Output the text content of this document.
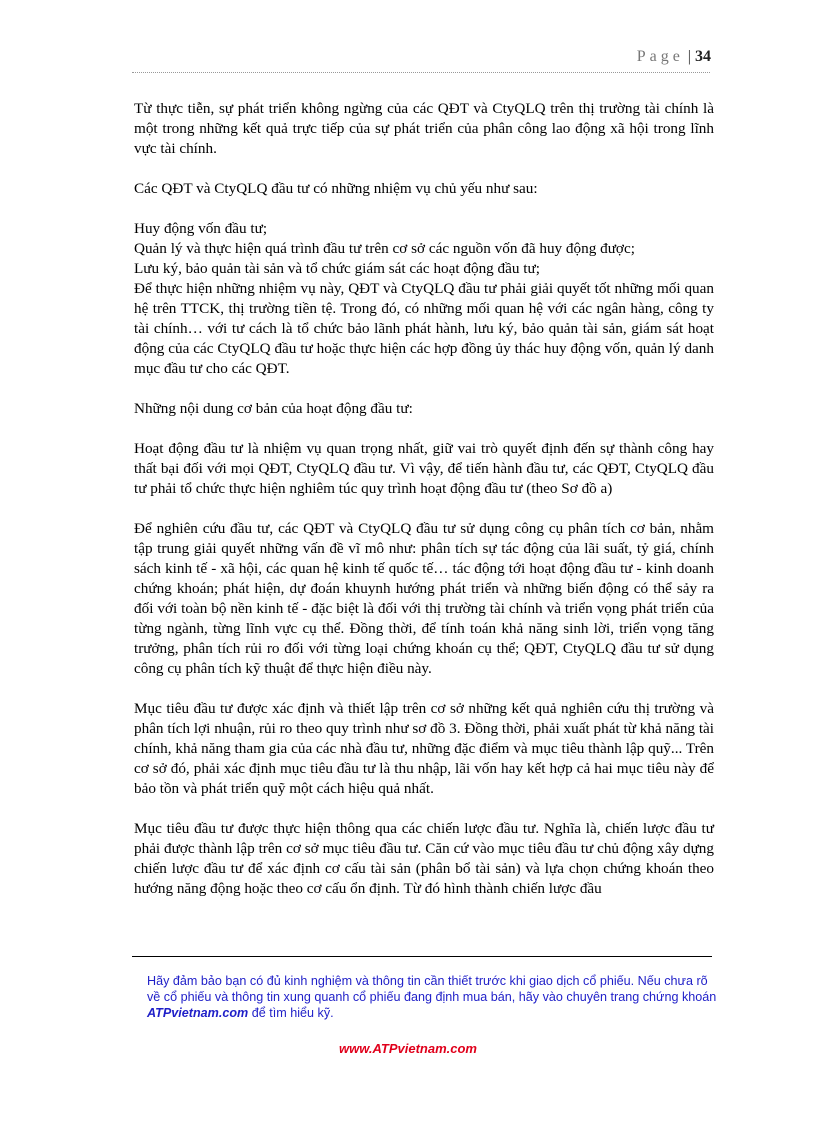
Page | 34

Từ thực tiễn, sự phát triển không ngừng của các QĐT và CtyQLQ trên thị trường tài chính là một trong những kết quả trực tiếp của sự phát triển của phân công lao động xã hội trong lĩnh vực tài chính.

Các QĐT và CtyQLQ đầu tư có những nhiệm vụ chủ yếu như sau:

Huy động vốn đầu tư;

Quản lý và thực hiện quá trình đầu tư trên cơ sở các nguồn vốn đã huy động được;

Lưu ký, bảo quản tài sản và tổ chức giám sát các hoạt động đầu tư;

Để thực hiện những nhiệm vụ này, QĐT và CtyQLQ đầu tư phải giải quyết tốt những mối quan hệ trên TTCK, thị trường tiền tệ. Trong đó, có những mối quan hệ với các ngân hàng, công ty tài chính… với tư cách là tổ chức bảo lãnh phát hành, lưu ký, bảo quản tài sản, giám sát hoạt động của các CtyQLQ đầu tư hoặc thực hiện các hợp đồng ủy thác huy động vốn, quản lý danh mục đầu tư cho các QĐT.

Những nội dung cơ bản của hoạt động đầu tư:

Hoạt động đầu tư là nhiệm vụ quan trọng nhất, giữ vai trò quyết định đến sự thành công hay thất bại đối với mọi QĐT, CtyQLQ đầu tư. Vì vậy, để tiến hành đầu tư, các QĐT, CtyQLQ đầu tư phải tổ chức thực hiện nghiêm túc quy trình hoạt động đầu tư (theo Sơ đồ a)

Để nghiên cứu đầu tư, các QĐT và CtyQLQ đầu tư sử dụng công cụ phân tích cơ bản, nhằm tập trung giải quyết những vấn đề vĩ mô như: phân tích sự tác động của lãi suất, tỷ giá, chính sách kinh tế - xã hội, các quan hệ kinh tế quốc tế… tác động tới hoạt động đầu tư - kinh doanh chứng khoán; phát hiện, dự đoán khuynh hướng phát triển và những biến động có thể sảy ra đối với toàn bộ nền kinh tế - đặc biệt là đối với thị trường tài chính và triển vọng phát triển của từng ngành, từng lĩnh vực cụ thể. Đồng thời, để tính toán khả năng sinh lời, triển vọng tăng trưởng, phân tích rủi ro đối với từng loại chứng khoán cụ thể; QĐT, CtyQLQ đầu tư sử dụng công cụ phân tích kỹ thuật để thực hiện điều này.

Mục tiêu đầu tư được xác định và thiết lập trên cơ sở những kết quả nghiên cứu thị trường và phân tích lợi nhuận, rủi ro theo quy trình như sơ đồ 3. Đồng thời, phải xuất phát từ khả năng tài chính, khả năng tham gia của các nhà đầu tư, những đặc điểm và mục tiêu thành lập quỹ... Trên cơ sở đó, phải xác định mục tiêu đầu tư là thu nhập, lãi vốn hay kết hợp cả hai mục tiêu này để bảo tồn và phát triển quỹ một cách hiệu quả nhất.

Mục tiêu đầu tư được thực hiện thông qua các chiến lược đầu tư. Nghĩa là, chiến lược đầu tư phải được thành lập trên cơ sở mục tiêu đầu tư. Căn cứ vào mục tiêu đầu tư chủ động xây dựng chiến lược đầu tư để xác định cơ cấu tài sản (phân bổ tài sản) và lựa chọn chứng khoán theo hướng năng động hoặc theo cơ cấu ổn định. Từ đó hình thành chiến lược đầu

Hãy đảm bảo bạn có đủ kinh nghiệm và thông tin cần thiết trước khi giao dịch cổ phiếu. Nếu chưa rõ về cổ phiếu và thông tin xung quanh cổ phiếu đang định mua bán, hãy vào chuyên trang chứng khoán ATPvietnam.com để tìm hiểu kỹ.
www.ATPvietnam.com
